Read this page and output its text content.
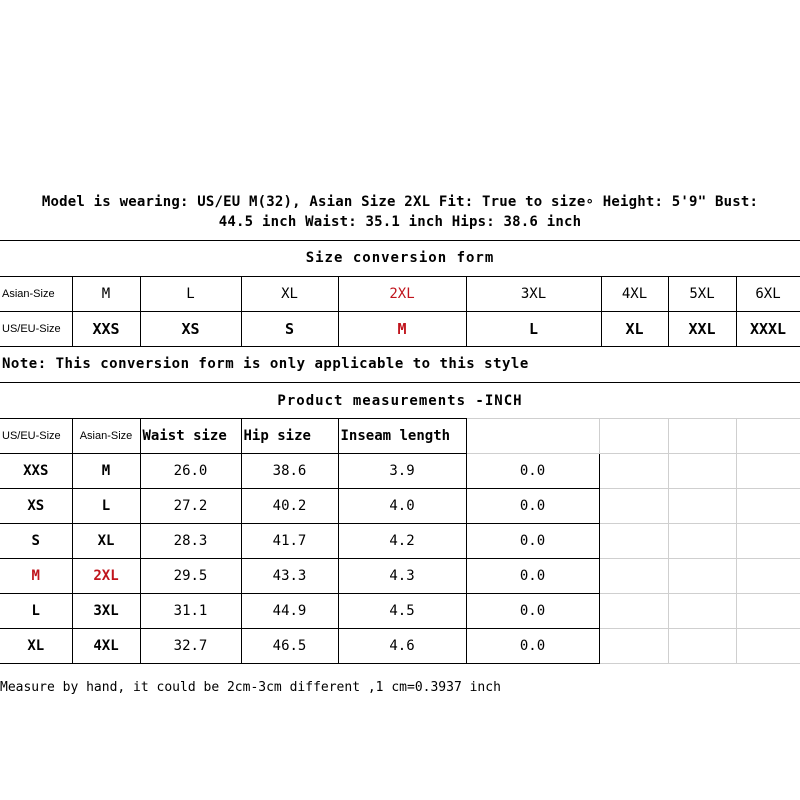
Model is wearing: US/EU M(32), Asian Size 2XL Fit: True to size∘ Height: 5'9" Bust:
44.5 inch Waist: 35.1 inch Hips: 38.6 inch
Size conversion form
Asian-Size	M	L	XL	2XL	3XL	4XL	5XL	6XL
US/EU-Size	XXS	XS	S	M	L	XL	XXL	XXXL
Note: This conversion form is only applicable to this style
Product measurements -INCH
US/EU-Size	Asian-Size	Waist size	Hip size	Inseam length				
XXS	M	26.0	38.6	3.9	0.0			
XS	L	27.2	40.2	4.0	0.0			
S	XL	28.3	41.7	4.2	0.0			
M	2XL	29.5	43.3	4.3	0.0			
L	3XL	31.1	44.9	4.5	0.0			
XL	4XL	32.7	46.5	4.6	0.0			
Measure by hand, it could be 2cm-3cm different ,1 cm=0.3937 inch
